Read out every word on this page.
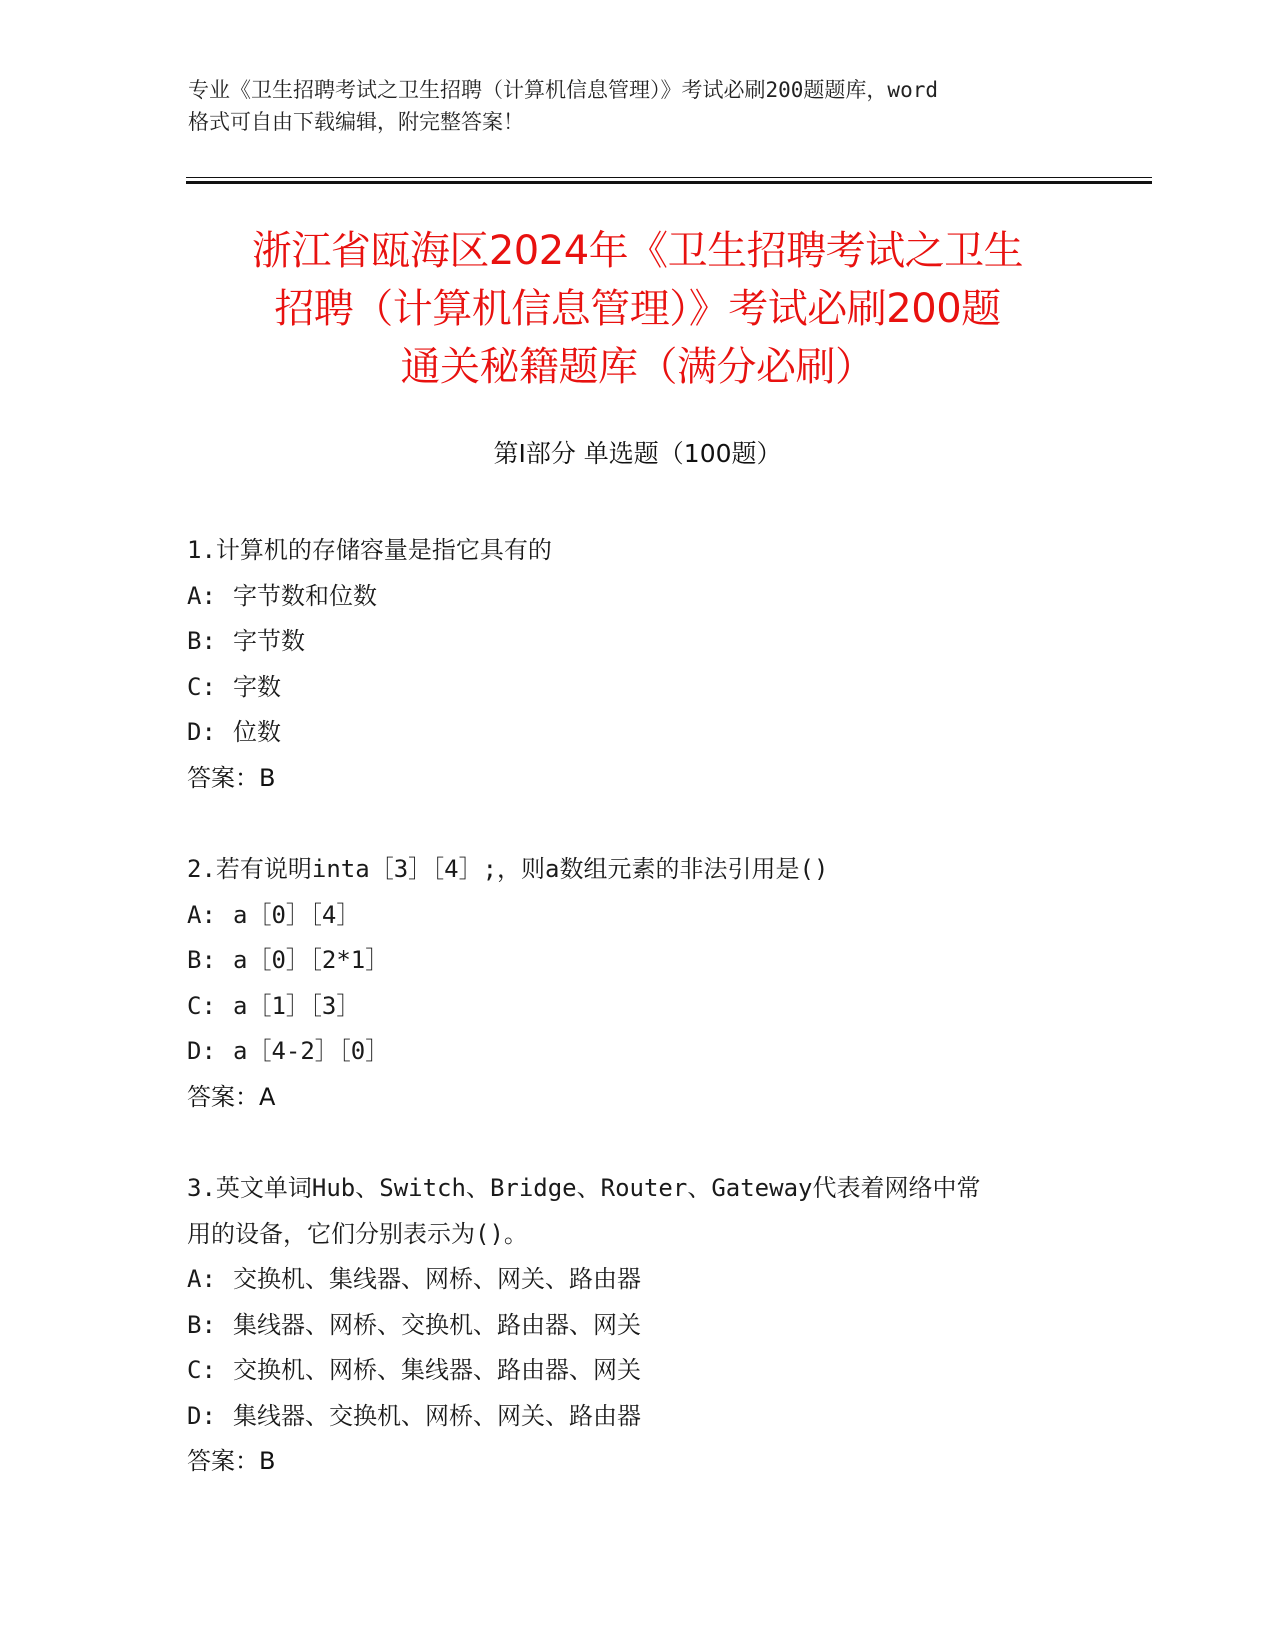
专业《卫生招聘考试之卫生招聘（计算机信息管理）》考试必刷200题题库，word

格式可自由下载编辑，附完整答案！

浙江省瓯海区2024年《卫生招聘考试之卫生
招聘（计算机信息管理）》考试必刷200题
通关秘籍题库（满分必刷）
第Ⅰ部分 单选题（100题）
1.计算机的存储容量是指它具有的
A: 字节数和位数
B: 字节数
C: 字数
D: 位数
答案：B
2.若有说明inta［3］［4］;，则a数组元素的非法引用是()
A: a［0］［4］
B: a［0］［2*1］
C: a［1］［3］
D: a［4-2］［0］
答案：A
3.英文单词Hub、Switch、Bridge、Router、Gateway代表着网络中常
用的设备，它们分别表示为()。
A: 交换机、集线器、网桥、网关、路由器
B: 集线器、网桥、交换机、路由器、网关
C: 交换机、网桥、集线器、路由器、网关
D: 集线器、交换机、网桥、网关、路由器
答案：B
